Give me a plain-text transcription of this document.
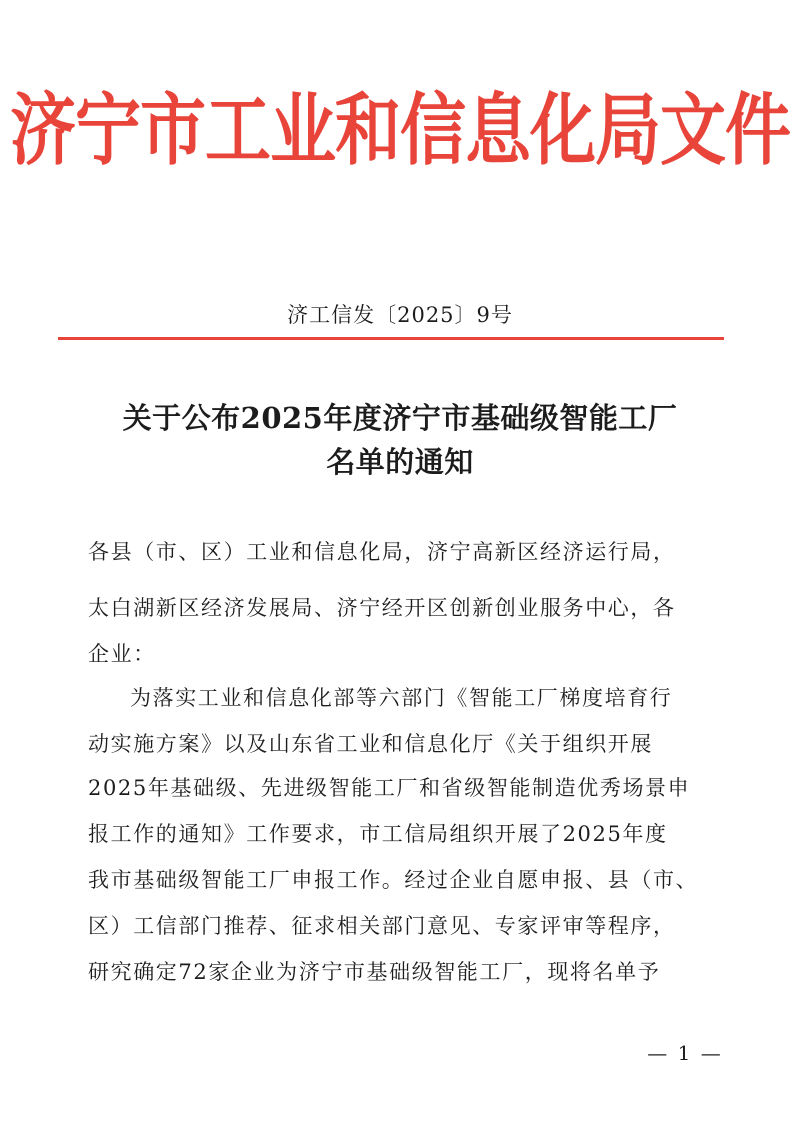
济宁市工业和信息化局文件
济工信发〔2025〕9号
关于公布2025年度济宁市基础级智能工厂
名单的通知
各县（市、区）工业和信息化局，济宁高新区经济运行局，
太白湖新区经济发展局、济宁经开区创新创业服务中心，各
企业：
为落实工业和信息化部等六部门《智能工厂梯度培育行
动实施方案》以及山东省工业和信息化厅《关于组织开展
2025年基础级、先进级智能工厂和省级智能制造优秀场景申
报工作的通知》工作要求，市工信局组织开展了2025年度
我市基础级智能工厂申报工作。经过企业自愿申报、县（市、
区）工信部门推荐、征求相关部门意见、专家评审等程序，
研究确定72家企业为济宁市基础级智能工厂，现将名单予
— 1 —
